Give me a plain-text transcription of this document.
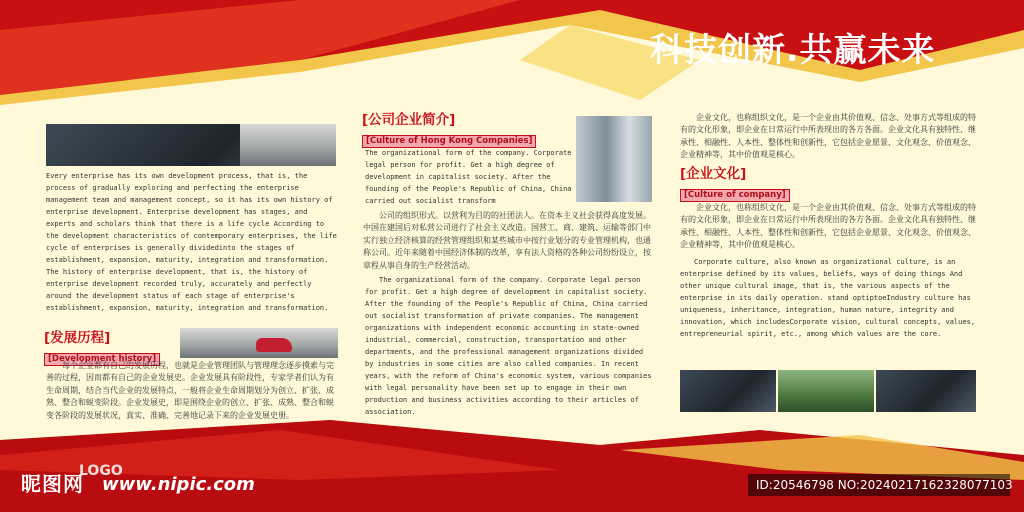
科技创新.共赢未来
Every enterprise has its own development process, that is, the process of gradually exploring and perfecting the enterprise management team and management concept, so it has its own history of enterprise development. Enterprise development has stages, and experts and scholars think that there is a life cycle According to the development characteristics of contemporary enterprises, the life cycle of enterprises is generally dividedinto the stages of establishment, expansion, maturity, integration and transformation. The history of enterprise development, that is, the history of enterprise development recorded truly, accurately and perfectly around the development status of each stage of enterprise's establishment, expansion, maturity, integration and transformation.
[发展历程]
[Development history]

每个企业都有自己的发展历程，也就是企业管理团队与管理理念逐步摸索与完善的过程，因而都有自己的企业发展史。企业发展具有阶段性，专家学者们认为有生命周期，结合当代企业的发展特点，一般将企业生命周期划分为创立、扩张、成熟、整合和蜕变阶段。企业发展史，即是围绕企业的创立、扩张、成熟、整合和蜕变各阶段的发展状况，真实、准确、完善地记录下来的企业发展史册。

[公司企业简介]
[Culture of Hong Kong Companies]
The organizational form of the company. Corporate legal person for profit. Get a high degree of development in capitalist society. After the founding of the People's Republic of China, China carried out socialist transform

公司的组织形式。以营利为目的的社团法人。在资本主义社会获得高度发展。中国在建国后对私营公司进行了社会主义改造。国营工、商、建筑、运输等部门中实行独立经济核算的经营管理组织和某些城市中按行业划分的专业管理机构，也通称公司。近年来随着中国经济体制的改革，享有法人资格的各种公司纷纷设立，按章程从事自身的生产经营活动。

The organizational form of the company. Corporate legal person for profit. Get a high degree of development in capitalist society. After the founding of the People's Republic of China, China carried out socialist transformation of private companies. The management organizations with independent economic accounting in state-owned industrial, commercial, construction, transportation and other departments, and the professional management organizations divided by industries in some cities are also called companies. In recent years, with the reform of China's economic system, various companies with legal personality have been set up to engage in their own production and business activities according to their articles of association.

企业文化，也称组织文化，是一个企业由其价值观、信念、处事方式等组成的特有的文化形象，即企业在日常运行中所表现出的各方各面。企业文化具有独特性、继承性、相融性、人本性、整体性和创新性，它包括企业愿景、文化观念、价值观念、企业精神等，其中价值观是核心。

[企业文化]
[Culture of company]

企业文化，也称组织文化，是一个企业由其价值观、信念、处事方式等组成的特有的文化形象，即企业在日常运行中所表现出的各方各面。企业文化具有独特性、继承性、相融性、人本性、整体性和创新性，它包括企业愿景、文化观念、价值观念、企业精神等，其中价值观是核心。

Corporate culture, also known as organizational culture, is an enterprise defined by its values, beliefs, ways of doing things And other unique cultural image, that is, the various aspects of the enterprise in its daily operation. stand optiptoeIndustry culture has uniqueness, inheritance, integration, human nature, integrity and innovation, which includesCorporate vision, cultural concepts, values, entrepreneurial spirit, etc., among which values are the core.
昵图网
LOGO
www.nipic.com	ID:20546798 NO:20240217162328077103
